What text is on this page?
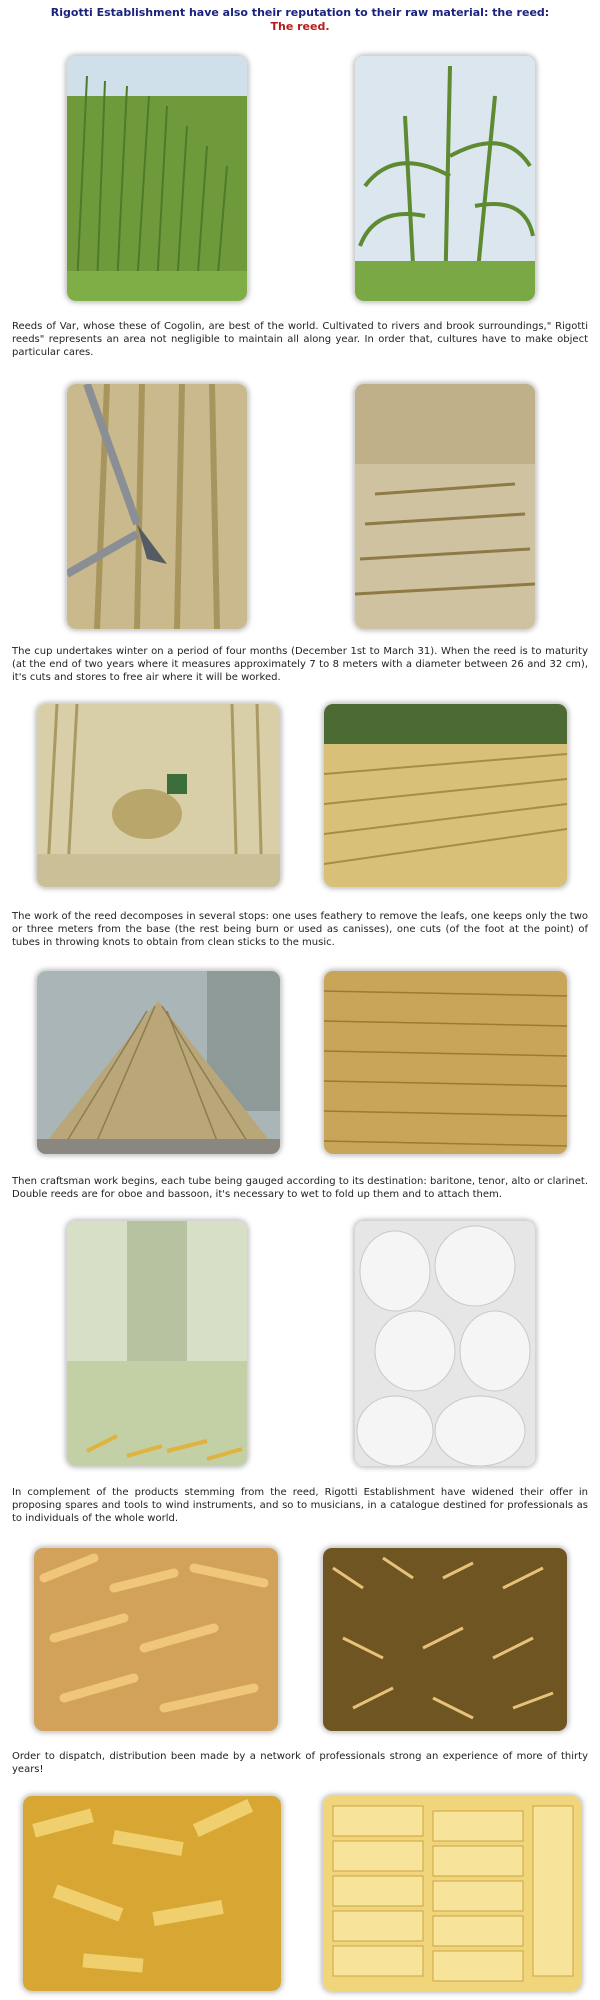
Rigotti Establishment have also their reputation to their raw material: the reed:
The reed.
Reeds of Var, whose these of Cogolin, are best of the world. Cultivated to rivers and brook surroundings," Rigotti reeds" represents an area not negligible to maintain all along year. In order that, cultures have to make object particular cares.
The cup undertakes winter on a period of four months (December 1st to March 31). When the reed is to maturity (at the end of two years where it measures approximately 7 to 8 meters with a diameter between 26 and 32 cm), it's cuts and stores to free air where it will be worked.
The work of the reed decomposes in several stops: one uses feathery to remove the leafs, one keeps only the two or three meters from the base (the rest being burn or used as canisses), one cuts (of the foot at the point) of tubes in throwing knots to obtain from clean sticks to the music.
Then craftsman work begins, each tube being gauged according to its destination: baritone, tenor, alto or clarinet. Double reeds are for oboe and bassoon, it's necessary to wet to fold up them and to attach them.
In complement of the products stemming from the reed, Rigotti Establishment have widened their offer in proposing spares and tools to wind instruments, and so to musicians, in a catalogue destined for professionals as to individuals of the whole world.
Order to dispatch, distribution been made by a network of professionals strong an experience of more of thirty years!
